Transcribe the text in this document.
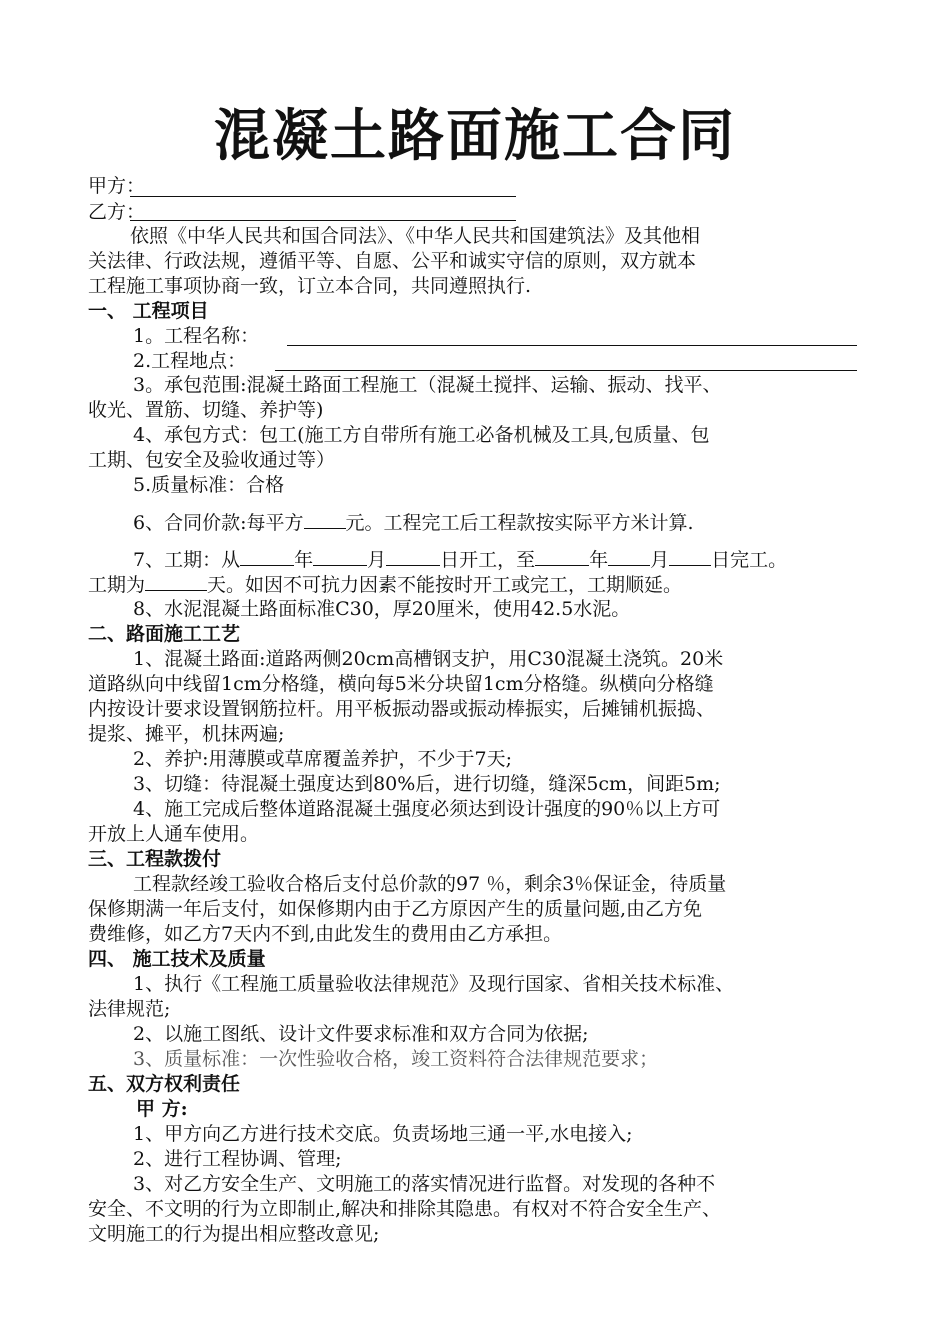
混凝土路面施工合同
甲方：
乙方：
依照《中华人民共和国合同法》、《中华人民共和国建筑法》及其他相
关法律、行政法规，遵循平等、自愿、公平和诚实守信的原则，双方就本
工程施工事项协商一致，订立本合同，共同遵照执行.
一、 工程项目
1。工程名称：
2.工程地点：
3。承包范围:混凝土路面工程施工（混凝土搅拌、运输、振动、找平、
收光、置筋、切缝、养护等)
4、承包方式：包工(施工方自带所有施工必备机械及工具,包质量、包
工期、包安全及验收通过等）
5.质量标准：合格
6、合同价款:每平方 元。工程完工后工程款按实际平方米计算.
7、工期：从	年	月	日开工，至	年 月 日完工。
工期为	天。如因不可抗力因素不能按时开工或完工，工期顺延。
8、水泥混凝土路面标准C30，厚20厘米，使用42.5水泥。
二、路面施工工艺
1、混凝土路面:道路两侧20cm高槽钢支护，用C30混凝土浇筑。20米
道路纵向中线留1cm分格缝，横向每5米分块留1cm分格缝。纵横向分格缝
内按设计要求设置钢筋拉杆。用平板振动器或振动棒振实，后摊铺机振捣、
提浆、摊平，机抹两遍;
2、养护:用薄膜或草席覆盖养护，不少于7天;
3、切缝：待混凝土强度达到80%后，进行切缝，缝深5cm，间距5m;
4、施工完成后整体道路混凝土强度必须达到设计强度的90％以上方可
开放上人通车使用。
三、工程款拨付
工程款经竣工验收合格后支付总价款的97 ％，剩余3％保证金，待质量
保修期满一年后支付，如保修期内由于乙方原因产生的质量问题,由乙方免
费维修，如乙方7天内不到,由此发生的费用由乙方承担。
四、 施工技术及质量
1、执行《工程施工质量验收法律规范》及现行国家、省相关技术标准、
法律规范;
2、以施工图纸、设计文件要求标准和双方合同为依据;
3、质量标准：一次性验收合格，竣工资料符合法律规范要求；
五、双方权利责任
甲 方:
1、甲方向乙方进行技术交底。负责场地三通一平,水电接入;
2、进行工程协调、管理;
3、对乙方安全生产、文明施工的落实情况进行监督。对发现的各种不
安全、不文明的行为立即制止,解决和排除其隐患。有权对不符合安全生产、
文明施工的行为提出相应整改意见;
